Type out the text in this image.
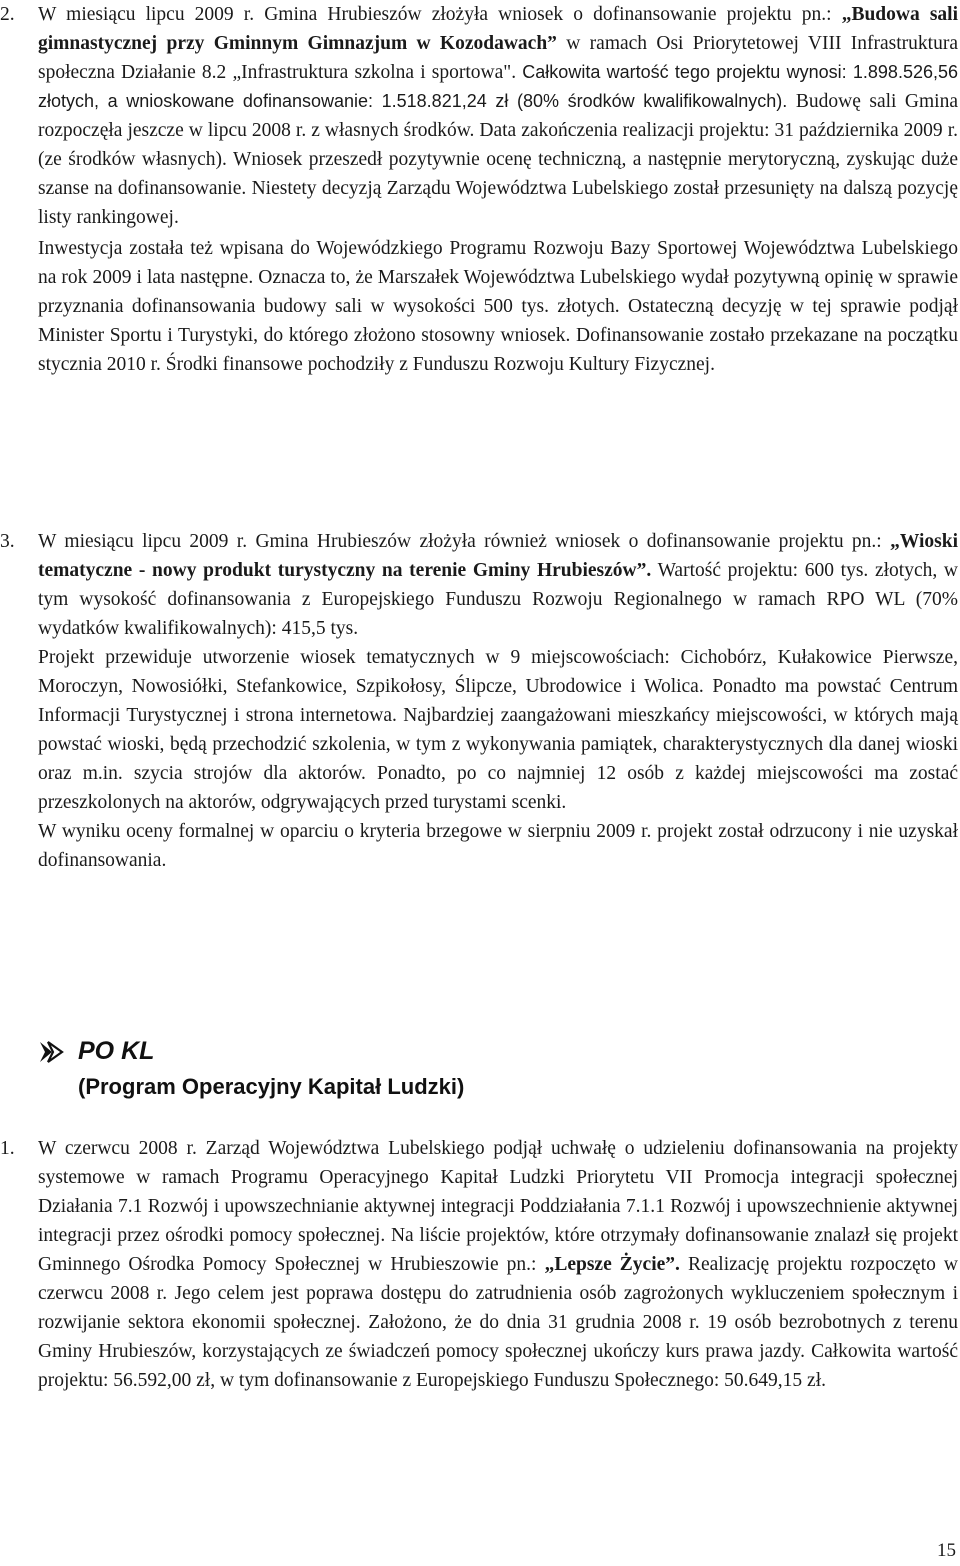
2. W miesiącu lipcu 2009 r. Gmina Hrubieszów złożyła wniosek o dofinansowanie projektu pn.: „Budowa sali gimnastycznej przy Gminnym Gimnazjum w Kozodawach” w ramach Osi Priorytetowej VIII Infrastruktura społeczna Działanie 8.2 „Infrastruktura szkolna i sportowa". Całkowita wartość tego projektu wynosi: 1.898.526,56 złotych, a wnioskowane dofinansowanie: 1.518.821,24 zł (80% środków kwalifikowalnych). Budowę sali Gmina rozpoczęła jeszcze w lipcu 2008 r. z własnych środków. Data zakończenia realizacji projektu: 31 października 2009 r. (ze środków własnych). Wniosek przeszedł pozytywnie ocenę techniczną, a następnie merytoryczną, zyskując duże szanse na dofinansowanie. Niestety decyzją Zarządu Województwa Lubelskiego został przesunięty na dalszą pozycję listy rankingowej.

Inwestycja została też wpisana do Wojewódzkiego Programu Rozwoju Bazy Sportowej Województwa Lubelskiego na rok 2009 i lata następne. Oznacza to, że Marszałek Województwa Lubelskiego wydał pozytywną opinię w sprawie przyznania dofinansowania budowy sali w wysokości 500 tys. złotych. Ostateczną decyzję w tej sprawie podjął Minister Sportu i Turystyki, do którego złożono stosowny wniosek. Dofinansowanie zostało przekazane na początku stycznia 2010 r. Środki finansowe pochodziły z Funduszu Rozwoju Kultury Fizycznej.

3. W miesiącu lipcu 2009 r. Gmina Hrubieszów złożyła również wniosek o dofinansowanie projektu pn.: „Wioski tematyczne - nowy produkt turystyczny na terenie Gminy Hrubieszów”. Wartość projektu: 600 tys. złotych, w tym wysokość dofinansowania z Europejskiego Funduszu Rozwoju Regionalnego w ramach RPO WL (70% wydatków kwalifikowalnych): 415,5 tys.

Projekt przewiduje utworzenie wiosek tematycznych w 9 miejscowościach: Cichobórz, Kułakowice Pierwsze, Moroczyn, Nowosiółki, Stefankowice, Szpikołosy, Ślipcze, Ubrodowice i Wolica. Ponadto ma powstać Centrum Informacji Turystycznej i strona internetowa. Najbardziej zaangażowani mieszkańcy miejscowości, w których mają powstać wioski, będą przechodzić szkolenia, w tym z wykonywania pamiątek, charakterystycznych dla danej wioski oraz m.in. szycia strojów dla aktorów. Ponadto, po co najmniej 12 osób z każdej miejscowości ma zostać przeszkolonych na aktorów, odgrywających przed turystami scenki.

W wyniku oceny formalnej w oparciu o kryteria brzegowe w sierpniu 2009 r. projekt został odrzucony i nie uzyskał dofinansowania.

PO KL
(Program Operacyjny Kapitał Ludzki)

1. W czerwcu 2008 r. Zarząd Województwa Lubelskiego podjął uchwałę o udzieleniu dofinansowania na projekty systemowe w ramach Programu Operacyjnego Kapitał Ludzki Priorytetu VII Promocja integracji społecznej Działania 7.1 Rozwój i upowszechnianie aktywnej integracji Poddziałania 7.1.1 Rozwój i upowszechnienie aktywnej integracji przez ośrodki pomocy społecznej. Na liście projektów, które otrzymały dofinansowanie znalazł się projekt Gminnego Ośrodka Pomocy Społecznej w Hrubieszowie pn.: „Lepsze Życie”. Realizację projektu rozpoczęto w czerwcu 2008 r. Jego celem jest poprawa dostępu do zatrudnienia osób zagrożonych wykluczeniem społecznym i rozwijanie sektora ekonomii społecznej. Założono, że do dnia 31 grudnia 2008 r. 19 osób bezrobotnych z terenu Gminy Hrubieszów, korzystających ze świadczeń pomocy społecznej ukończy kurs prawa jazdy. Całkowita wartość projektu: 56.592,00 zł, w tym dofinansowanie z Europejskiego Funduszu Społecznego: 50.649,15 zł.

15
